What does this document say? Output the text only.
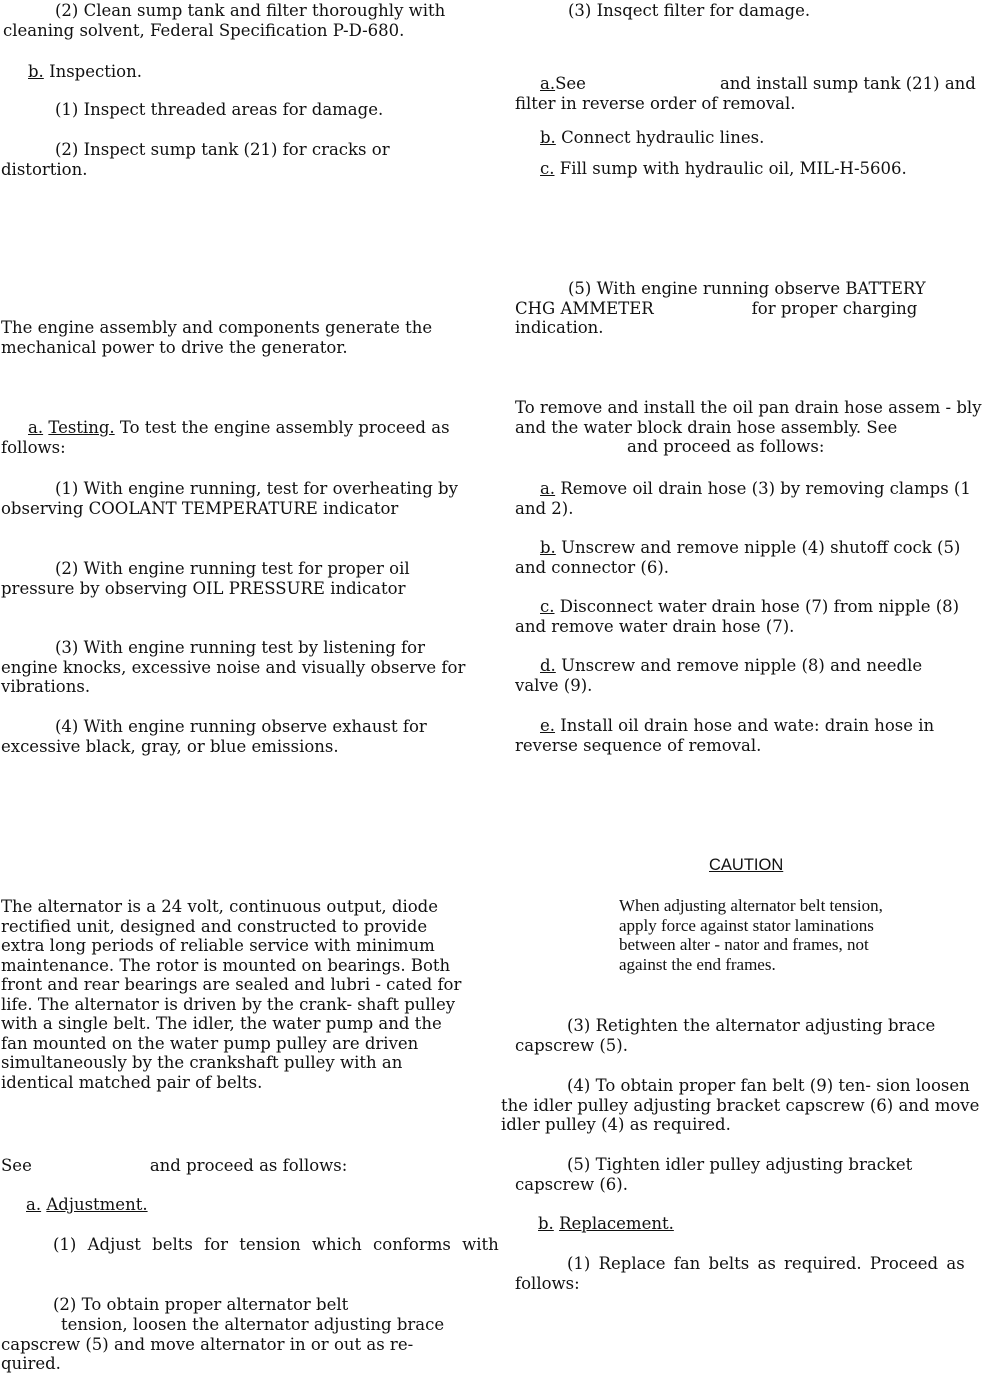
(2) Clean sump tank and filter thoroughly with cleaning solvent, Federal Specification P-D-680.

b. Inspection.

(1) Inspect threaded areas for damage.

(2) Inspect sump tank (21) for cracks or distortion.

The engine assembly and components generate the mechanical power to drive the generator.

a. Testing. To test the engine assembly proceed as follows:

(1) With engine running, test for overheating by observing COOLANT TEMPERATURE indicator

(2) With engine running test for proper oil pressure by observing OIL PRESSURE indicator

(3) With engine running test by listening for engine knocks, excessive noise and visually observe for vibrations.

(4) With engine running observe exhaust for excessive black, gray, or blue emissions.

The alternator is a 24 volt, continuous output, diode rectified unit, designed and constructed to provide extra long periods of reliable service with minimum maintenance. The rotor is mounted on bearings. Both front and rear bearings are sealed and lubri - cated for life. The alternator is driven by the crank- shaft pulley with a single belt. The idler, the water pump and the fan mounted on the water pump pulley are driven simultaneously by the crankshaft pulley with an identical matched pair of belts.

See	and proceed as follows:

a. Adjustment.

(1) Adjust belts for tension which conforms with

(2) To obtain proper alternator belt

tension, loosen the alternator adjusting brace capscrew (5) and move alternator in or out as re- quired.

(3) Insqect filter for damage.

a.See	and install sump tank (21) and filter in reverse order of removal.

b. Connect hydraulic lines.

c. Fill sump with hydraulic oil, MIL-H-5606.

(5) With engine running observe BATTERY
CHG AMMETER	for proper charging
indication.

To remove and install the oil pan drain hose assem - bly and the water block drain hose assembly. See
and proceed as follows:

a. Remove oil drain hose (3) by removing clamps (1 and 2).

b. Unscrew and remove nipple (4) shutoff cock (5) and connector (6).

c. Disconnect water drain hose (7) from nipple (8) and remove water drain hose (7).

d. Unscrew and remove nipple (8) and needle valve (9).

e. Install oil drain hose and wate: drain hose in reverse sequence of removal.

CAUTION

When adjusting alternator belt tension, apply force against stator laminations between alter - nator and frames, not against the end frames.

(3) Retighten the alternator adjusting brace capscrew (5).

(4) To obtain proper fan belt (9) ten- sion loosen the idler pulley adjusting bracket capscrew (6) and move idler pulley (4) as required.

(5) Tighten idler pulley adjusting bracket capscrew (6).

b. Replacement.

(1) Replace fan belts as required. Proceed as follows:
